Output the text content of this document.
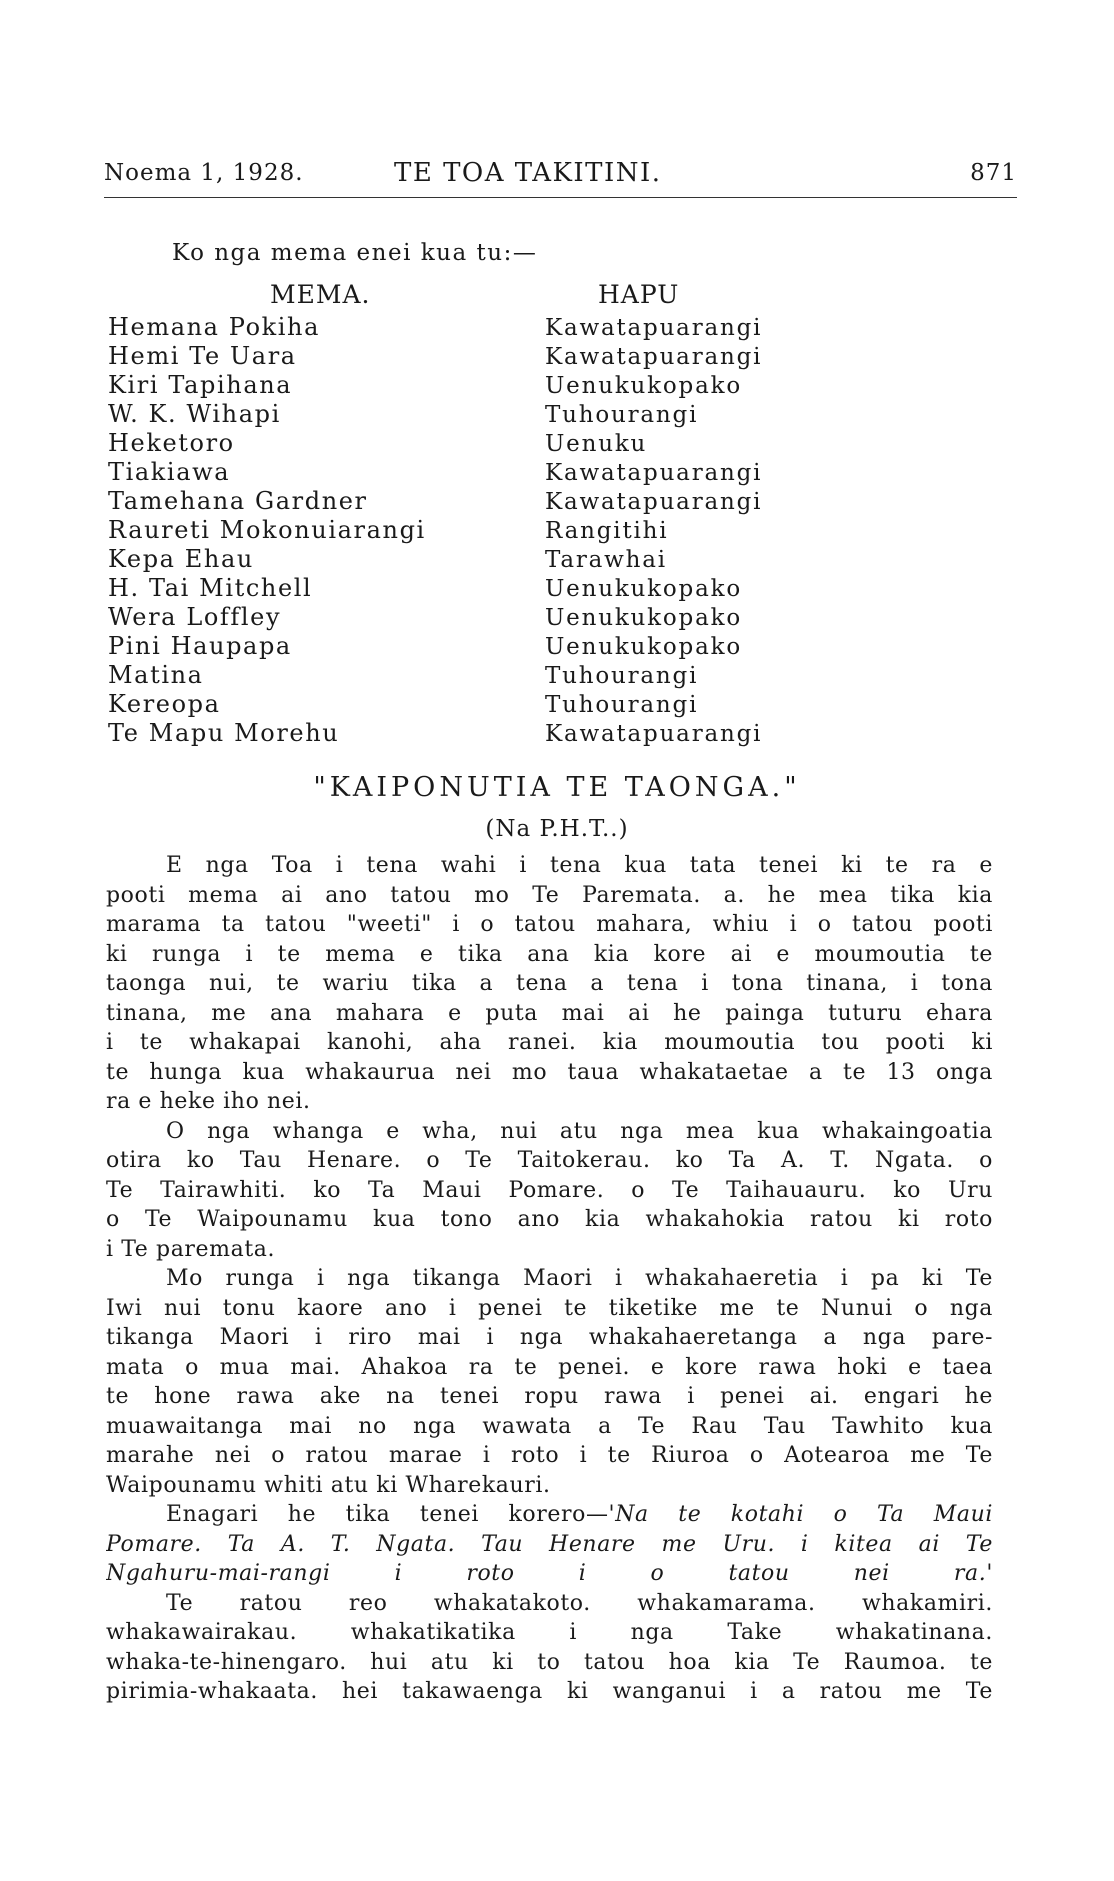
Noema 1, 1928.	TE TOA TAKITINI.	871
Ko nga mema enei kua tu:—
MEMA.	HAPU
Hemana Pokiha	Kawatapuarangi
Hemi Te Uara	Kawatapuarangi
Kiri Tapihana	Uenukukopako
W. K. Wihapi	Tuhourangi
Heketoro	Uenuku
Tiakiawa	Kawatapuarangi
Tamehana Gardner	Kawatapuarangi
Raureti Mokonuiarangi	Rangitihi
Kepa Ehau	Tarawhai
H. Tai Mitchell	Uenukukopako
Wera Loffley	Uenukukopako
Pini Haupapa	Uenukukopako
Matina	Tuhourangi
Kereopa	Tuhourangi
Te Mapu Morehu	Kawatapuarangi
"KAIPONUTIA TE TAONGA."
(Na P.H.T..)
E nga Toa i tena wahi i tena kua tata tenei ki te ra e
pooti mema ai ano tatou mo Te Paremata. a. he mea tika kia
marama ta tatou "weeti" i o tatou mahara, whiu i o tatou pooti
ki runga i te mema e tika ana kia kore ai e moumoutia te
taonga nui, te wariu tika a tena a tena i tona tinana, i tona
tinana, me ana mahara e puta mai ai he painga tuturu ehara
i te whakapai kanohi, aha ranei. kia moumoutia tou pooti ki
te hunga kua whakaurua nei mo taua whakataetae a te 13 onga
ra e heke iho nei.
O nga whanga e wha, nui atu nga mea kua whakaingoatia
otira ko Tau Henare. o Te Taitokerau. ko Ta A. T. Ngata. o
Te Tairawhiti. ko Ta Maui Pomare. o Te Taihauauru. ko Uru
o Te Waipounamu kua tono ano kia whakahokia ratou ki roto
i Te paremata.
Mo runga i nga tikanga Maori i whakahaeretia i pa ki Te
Iwi nui tonu kaore ano i penei te tiketike me te Nunui o nga
tikanga Maori i riro mai i nga whakahaeretanga a nga pare-
mata o mua mai. Ahakoa ra te penei. e kore rawa hoki e taea
te hone rawa ake na tenei ropu rawa i penei ai. engari he
muawaitanga mai no nga wawata a Te Rau Tau Tawhito kua
marahe nei o ratou marae i roto i te Riuroa o Aotearoa me Te
Waipounamu whiti atu ki Wharekauri.
Enagari he tika tenei korero—'Na te kotahi o Ta Maui
Pomare. Ta A. T. Ngata. Tau Henare me Uru. i kitea ai Te
Ngahuru-mai-rangi i roto i o tatou nei ra.'
Te ratou reo whakatakoto. whakamarama. whakamiri.
whakawairakau. whakatikatika i nga Take whakatinana.
whaka-te-hinengaro. hui atu ki to tatou hoa kia Te Raumoa. te
pirimia-whakaata. hei takawaenga ki wanganui i a ratou me Te
